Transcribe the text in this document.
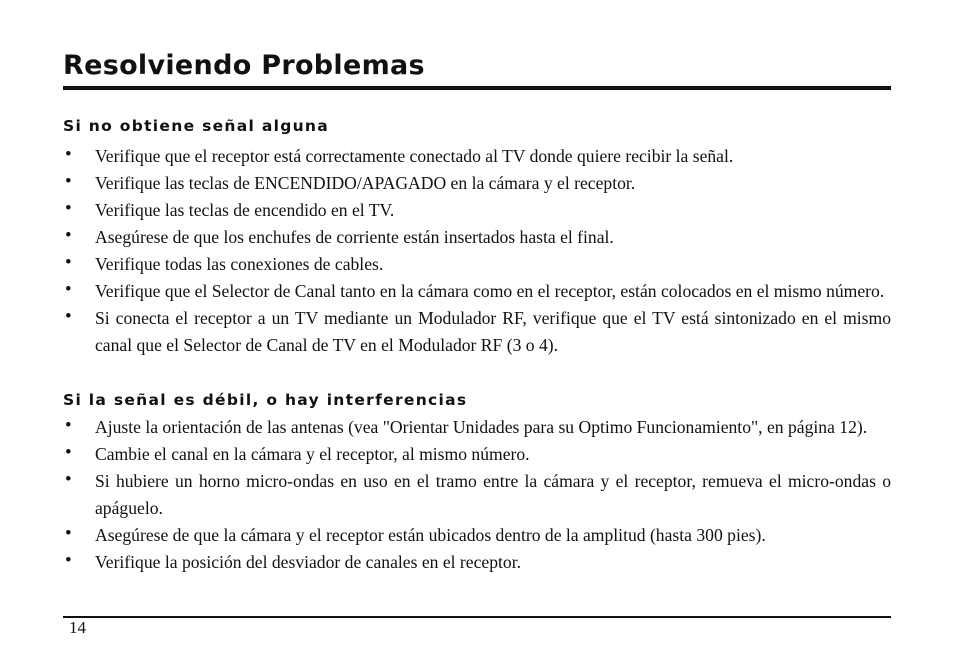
Resolviendo Problemas
Si no obtiene señal alguna
• Verifique que el receptor está correctamente conectado al TV donde quiere recibir la señal.
• Verifique las teclas de ENCENDIDO/APAGADO en la cámara y el receptor.
• Verifique las teclas de encendido en el TV.
• Asegúrese de que los enchufes de corriente están insertados hasta el final.
• Verifique todas las conexiones de cables.
• Verifique que el Selector de Canal tanto en la cámara como en el receptor, están colocados en el mismo número.
• Si conecta el receptor a un TV mediante un Modulador RF, verifique que el TV está sintonizado en el mismo canal que el Selector de Canal de TV en el Modulador RF (3 o 4).
Si la señal es débil, o hay interferencias
• Ajuste la orientación de las antenas (vea "Orientar Unidades para su Optimo Funcionamiento", en página 12).
• Cambie el canal en la cámara y el receptor, al mismo número.
• Si hubiere un horno micro-ondas en uso en el tramo entre la cámara y el receptor, remueva el micro-ondas o apáguelo.
• Asegúrese de que la cámara y el receptor están ubicados dentro de la amplitud (hasta 300 pies).
• Verifique la posición del desviador de canales en el receptor.
14
